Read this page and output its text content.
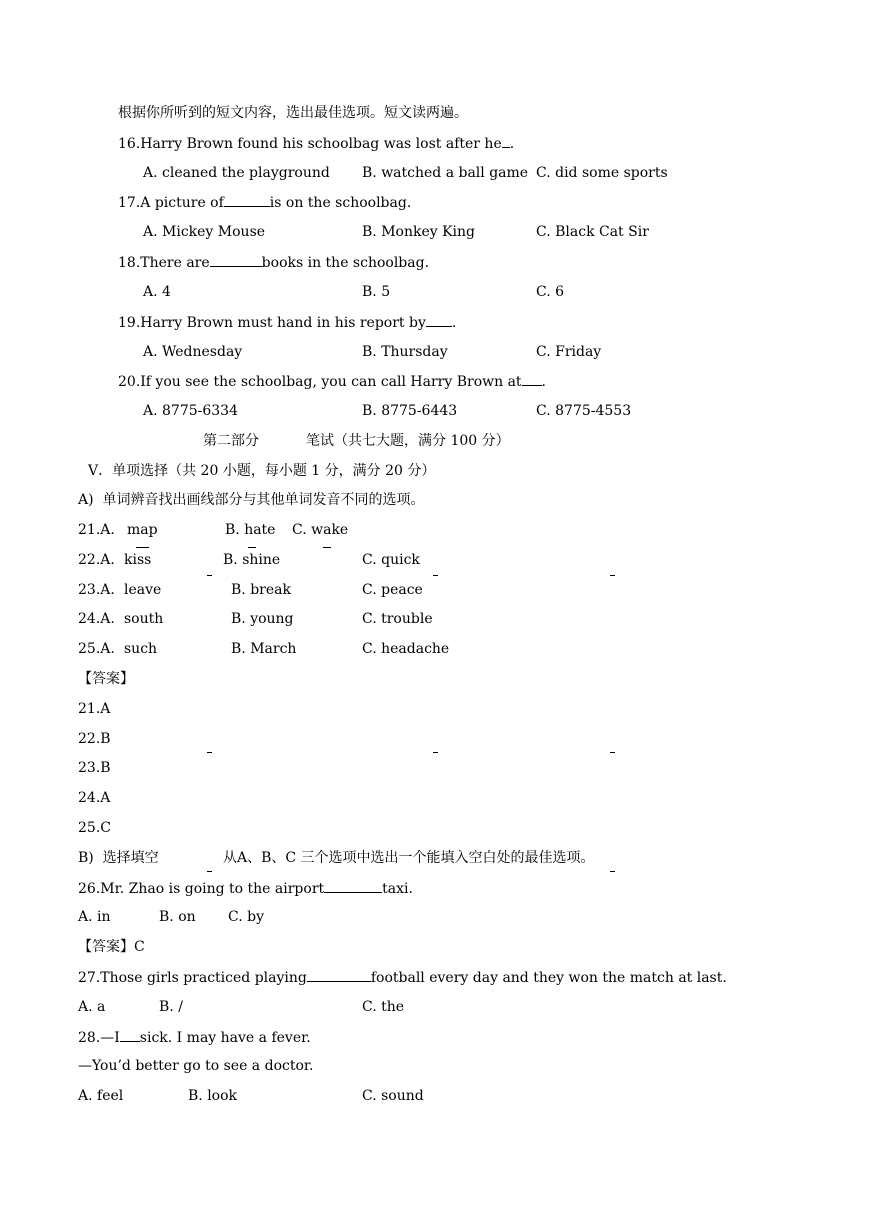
根据你所听到的短文内容，选出最佳选项。短文读两遍。
16.Harry Brown found his schoolbag was lost after he .
A. cleaned the playground B. watched a ball game C. did some sports
17.A picture of	is on the schoolbag.
A. Mickey Mouse	B. Monkey King	C. Black Cat Sir
18.There are	books in the schoolbag.
A. 4	B. 5	C. 6
19.Harry Brown must hand in his report by .
A. Wednesday	B. Thursday	C. Friday
20.If you see the schoolbag, you can call Harry Brown at .
A. 8775-6334	B. 8775-6443	C. 8775-4553
第二部分	笔试（共七大题，满分 100 分）
V．单项选择（共 20 小题，每小题 1 分，满分 20 分）
A)  单词辨音找出画线部分与其他单词发音不同的选项。
21.A. map	B. hate C. wake
22.A. kiss	B. shine	C. quick
23.A. leave	B. break	C. peace
24.A. south	B. young	C. trouble
25.A. such	B. March	C. headache
【答案】
21.A
22.B
23.B
24.A
25.C
B)  选择填空	从A、B、C 三个选项中选出一个能填入空白处的最佳选项。
26.Mr. Zhao is going to the airport	taxi.
A. in	B. on C. by
【答案】C
27.Those girls practiced playing	football every day and they won the match at last.
A. a	B. /	C. the
28.—I sick. I may have a fever.
—You’d better go to see a doctor.
A. feel	B. look	C. sound
